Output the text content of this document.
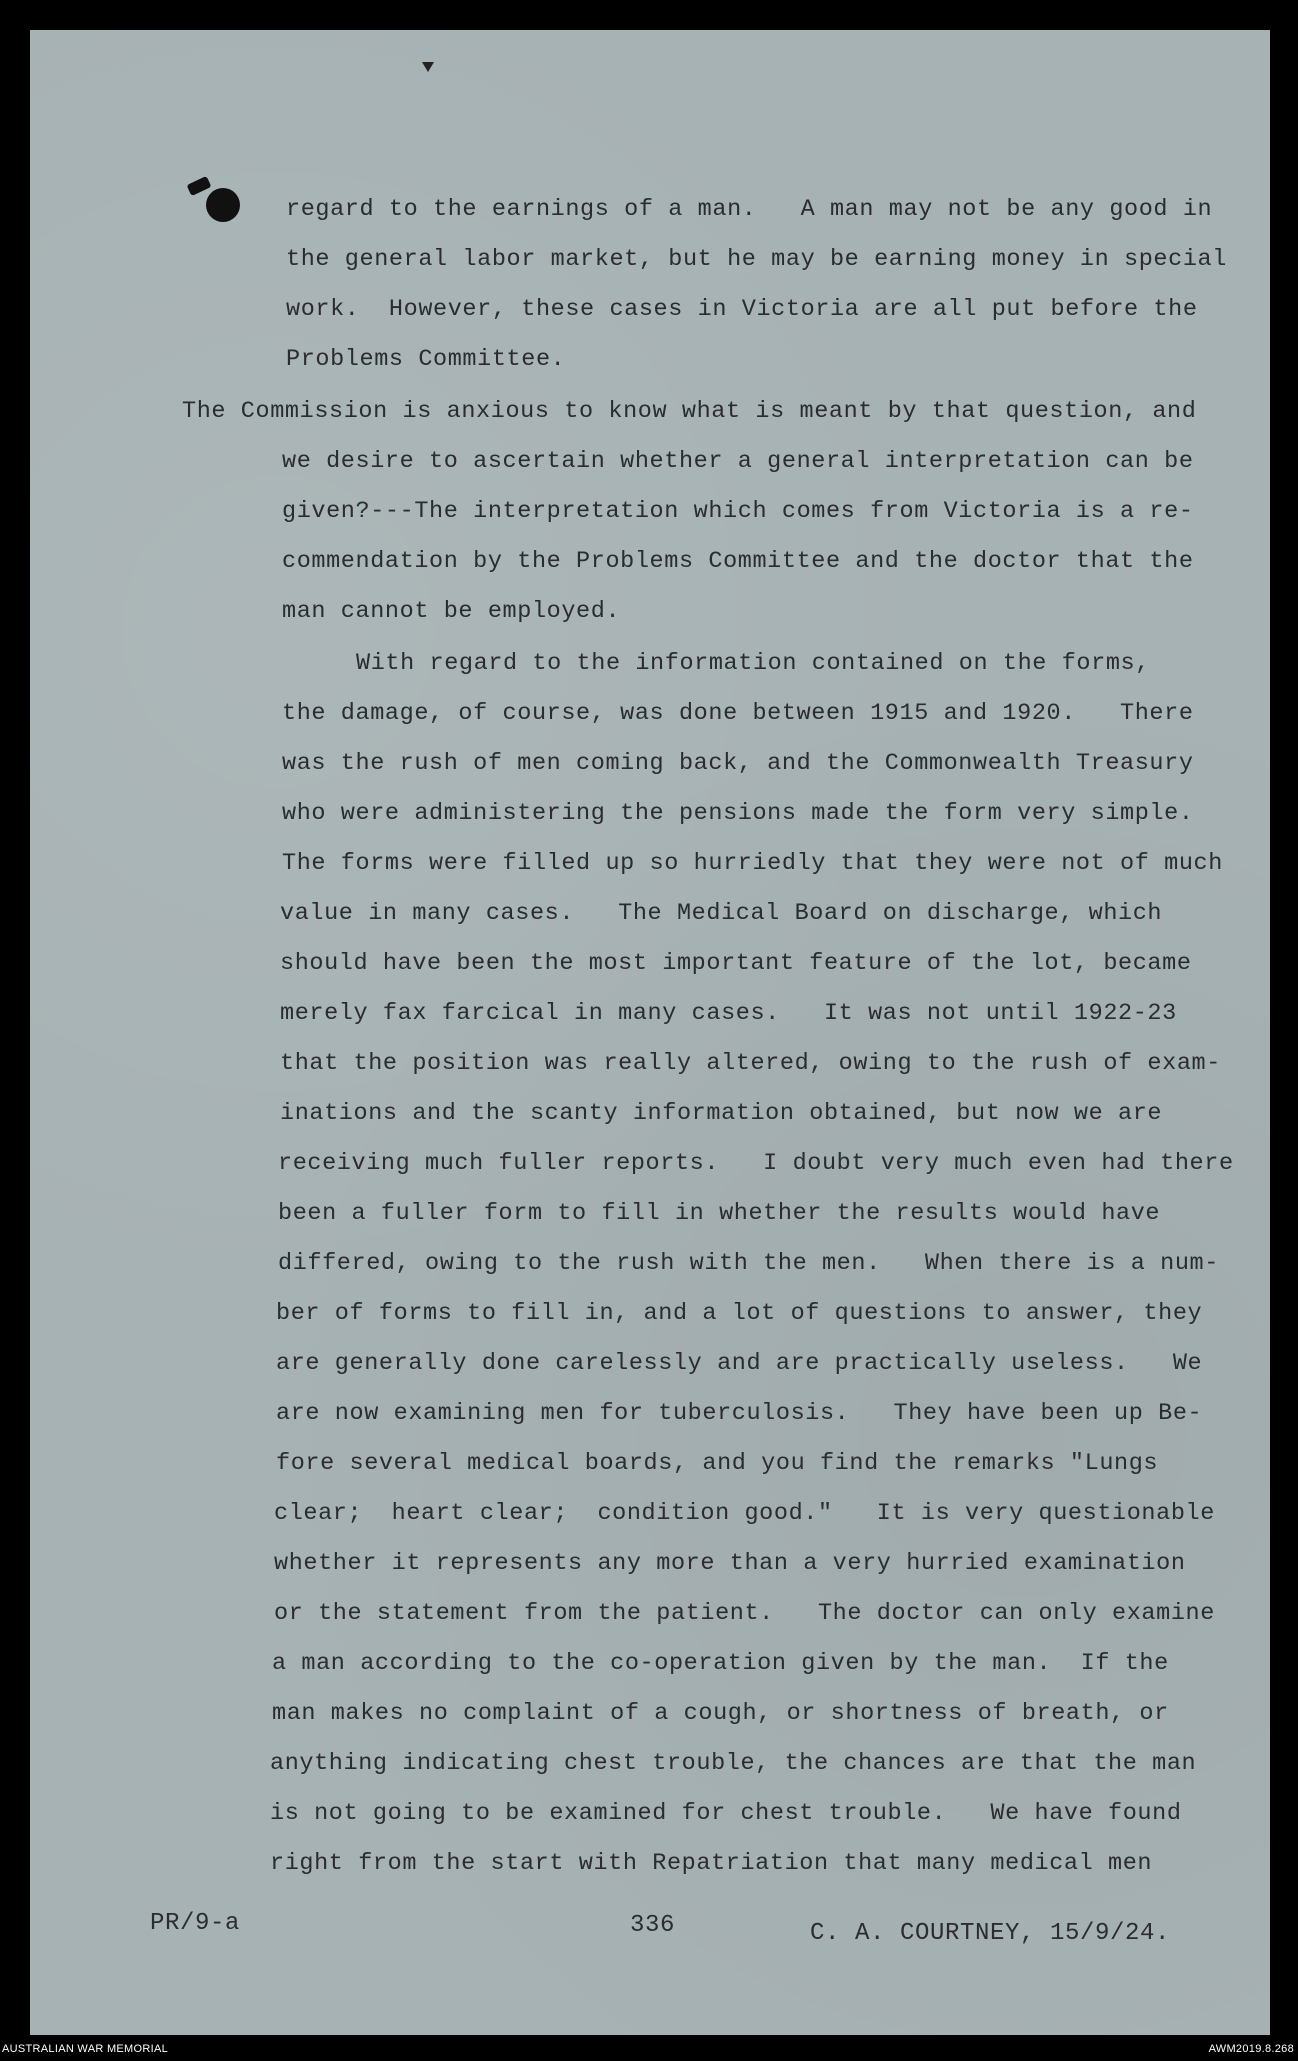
regard to the earnings of a man.   A man may not be any good in
the general labor market, but he may be earning money in special
work.  However, these cases in Victoria are all put before the
Problems Committee.
The Commission is anxious to know what is meant by that question, and
we desire to ascertain whether a general interpretation can be
given?---The interpretation which comes from Victoria is a re-
commendation by the Problems Committee and the doctor that the
man cannot be employed.
With regard to the information contained on the forms,
the damage, of course, was done between 1915 and 1920.   There
was the rush of men coming back, and the Commonwealth Treasury
who were administering the pensions made the form very simple.
The forms were filled up so hurriedly that they were not of much
value in many cases.   The Medical Board on discharge, which
should have been the most important feature of the lot, became
merely fax farcical in many cases.   It was not until 1922-23
that the position was really altered, owing to the rush of exam-
inations and the scanty information obtained, but now we are
receiving much fuller reports.   I doubt very much even had there
been a fuller form to fill in whether the results would have
differed, owing to the rush with the men.   When there is a num-
ber of forms to fill in, and a lot of questions to answer, they
are generally done carelessly and are practically useless.   We
are now examining men for tuberculosis.   They have been up Be-
fore several medical boards, and you find the remarks "Lungs
clear;  heart clear;  condition good."   It is very questionable
whether it represents any more than a very hurried examination
or the statement from the patient.   The doctor can only examine
a man according to the co-operation given by the man.  If the
man makes no complaint of a cough, or shortness of breath, or
anything indicating chest trouble, the chances are that the man
is not going to be examined for chest trouble.   We have found
right from the start with Repatriation that many medical men
PR/9-a	336	C. A. COURTNEY, 15/9/24.
AUSTRALIAN WAR MEMORIAL	AWM2019.8.268
